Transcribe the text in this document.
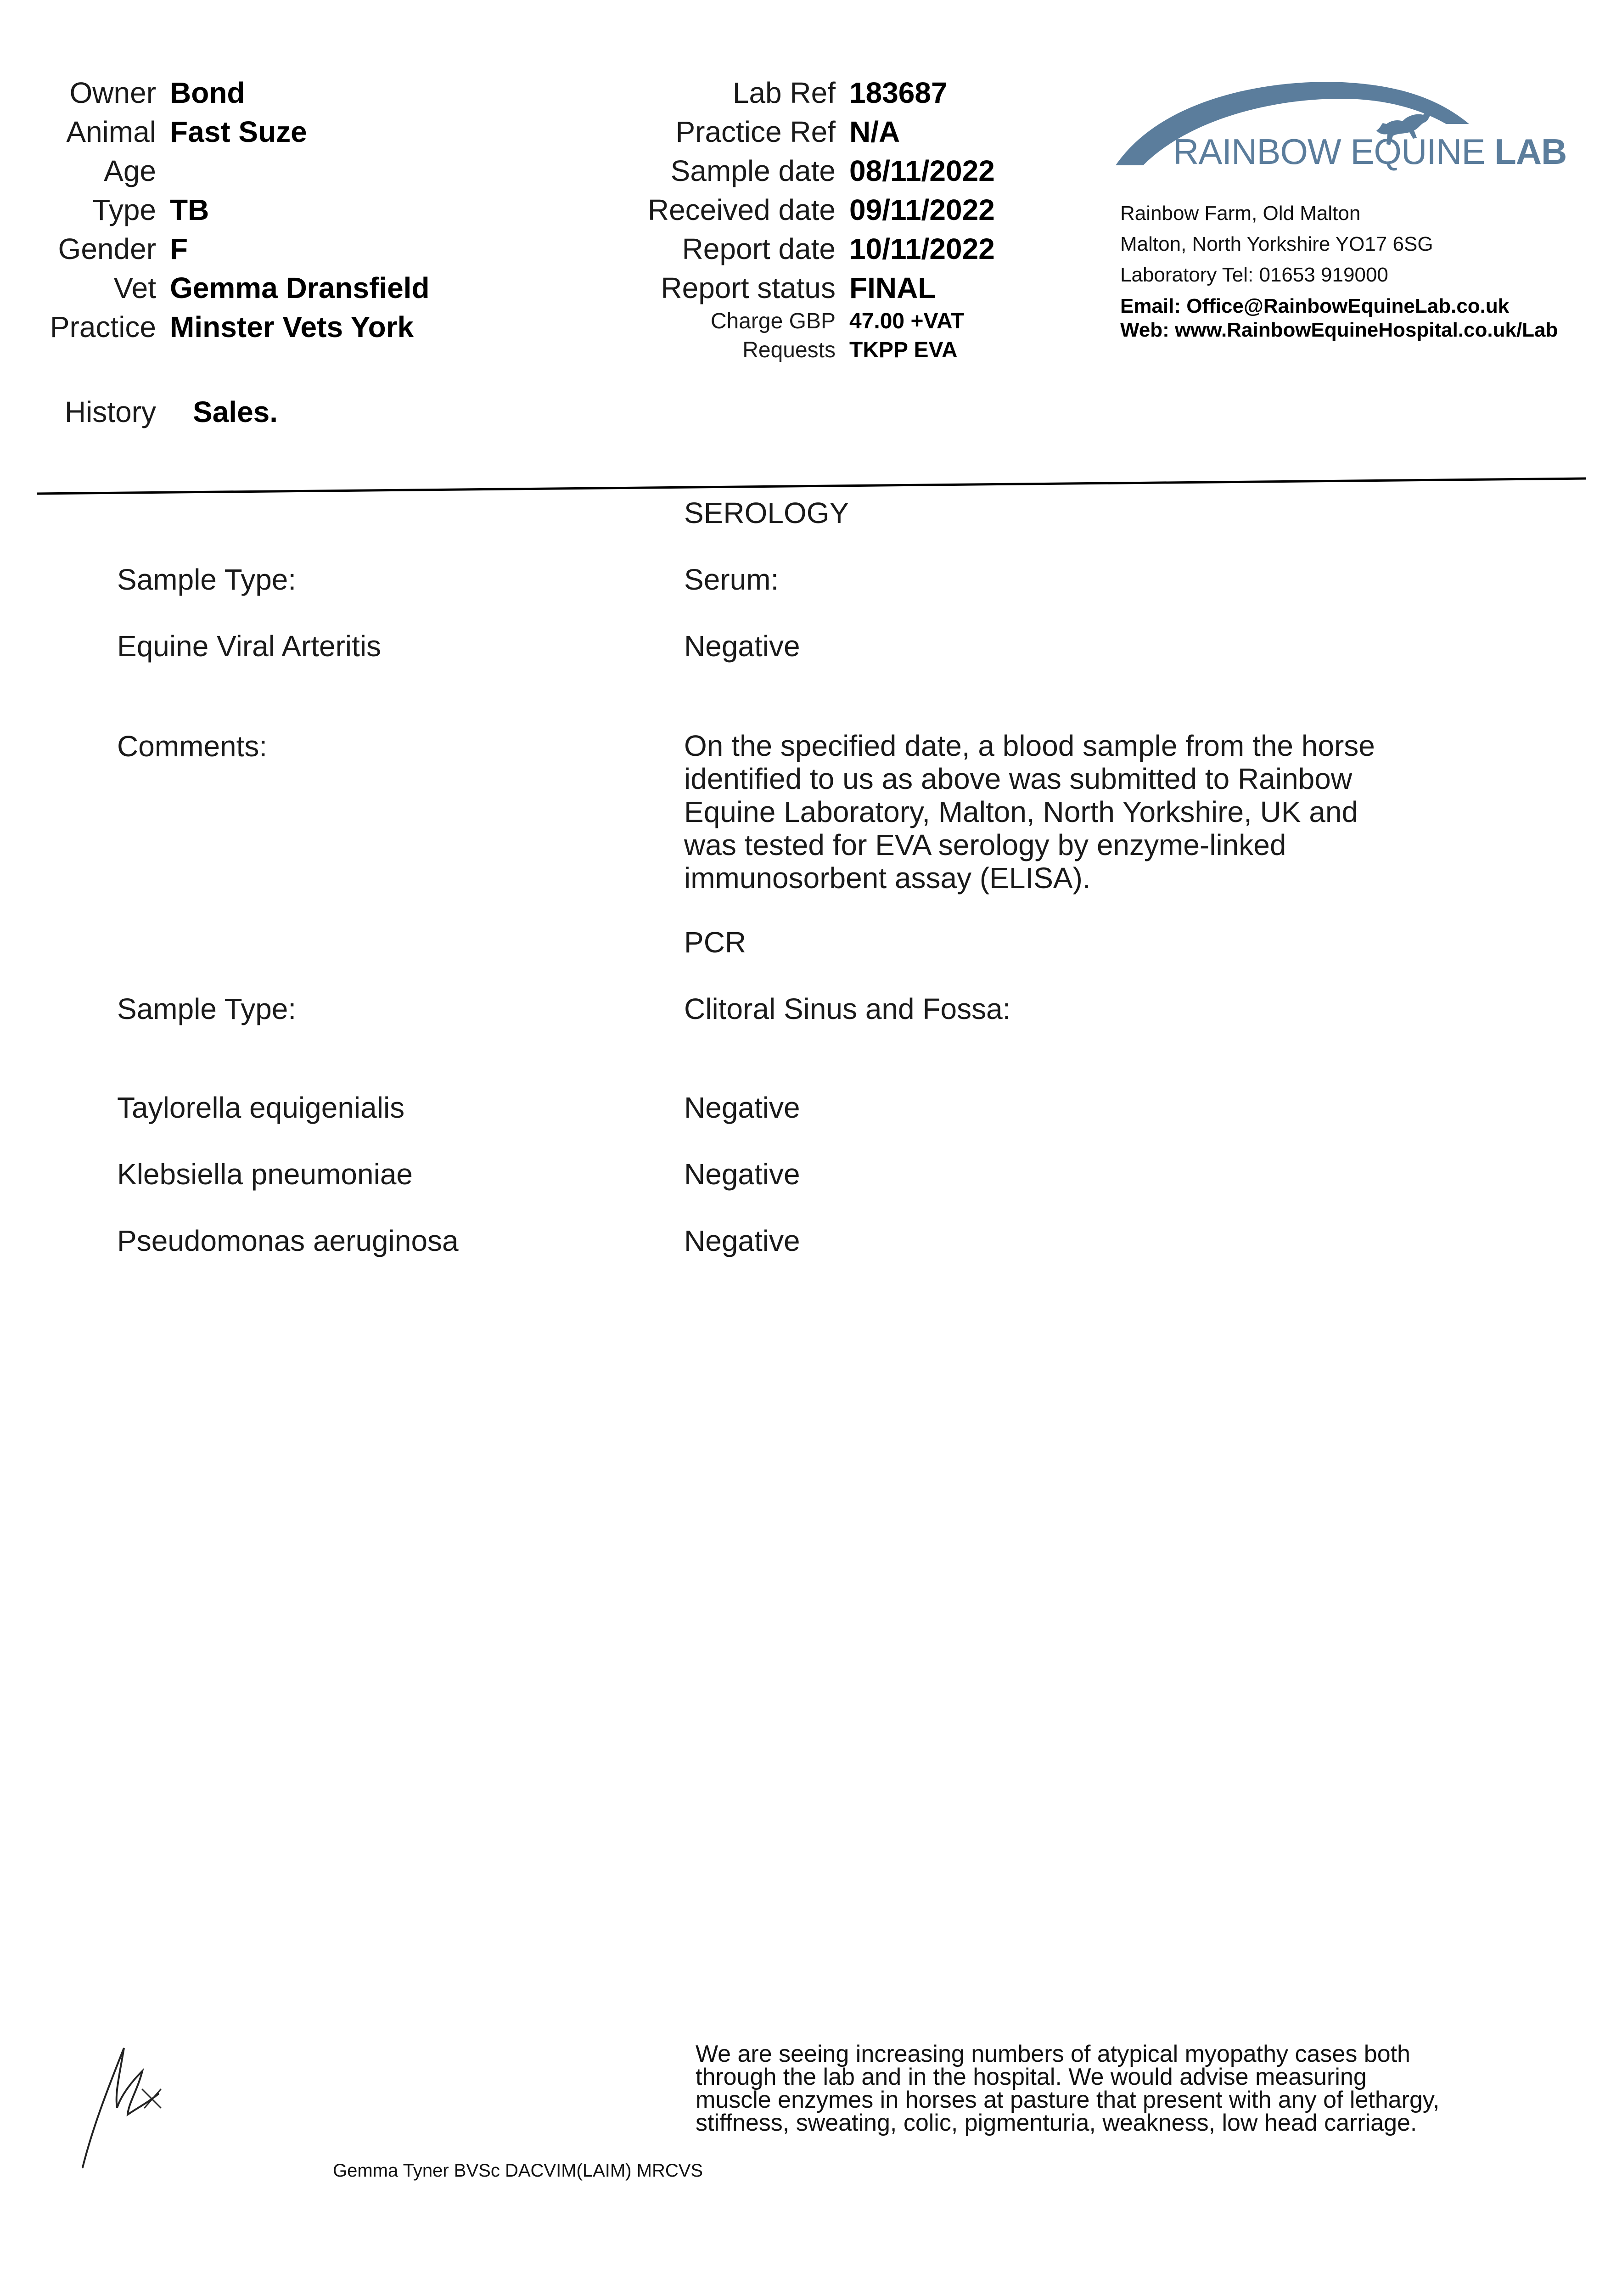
Owner Bond
Animal Fast Suze
Age
Type TB
Gender F
Vet Gemma Dransfield
Practice Minster Vets York
History Sales.
Lab Ref 183687
Practice Ref N/A
Sample date 08/11/2022
Received date 09/11/2022
Report date 10/11/2022
Report status FINAL
Charge GBP 47.00 +VAT
Requests TKPP EVA
RAINBOW EQUINE LAB
Rainbow Farm, Old Malton
Malton, North Yorkshire YO17 6SG
Laboratory Tel: 01653 919000
Email: Office@RainbowEquineLab.co.uk
Web: www.RainbowEquineHospital.co.uk/Lab
SEROLOGY
Sample Type:	Serum:
Equine Viral Arteritis	Negative
Comments:	On the specified date, a blood sample from the horse
identified to us as above was submitted to Rainbow
Equine Laboratory, Malton, North Yorkshire, UK and
was tested for EVA serology by enzyme-linked
immunosorbent assay (ELISA).
PCR
Sample Type:	Clitoral Sinus and Fossa:
Taylorella equigenialis	Negative
Klebsiella pneumoniae	Negative
Pseudomonas aeruginosa	Negative
Gemma Tyner BVSc DACVIM(LAIM) MRCVS
We are seeing increasing numbers of atypical myopathy cases both
through the lab and in the hospital. We would advise measuring
muscle enzymes in horses at pasture that present with any of lethargy,
stiffness, sweating, colic, pigmenturia, weakness, low head carriage.
